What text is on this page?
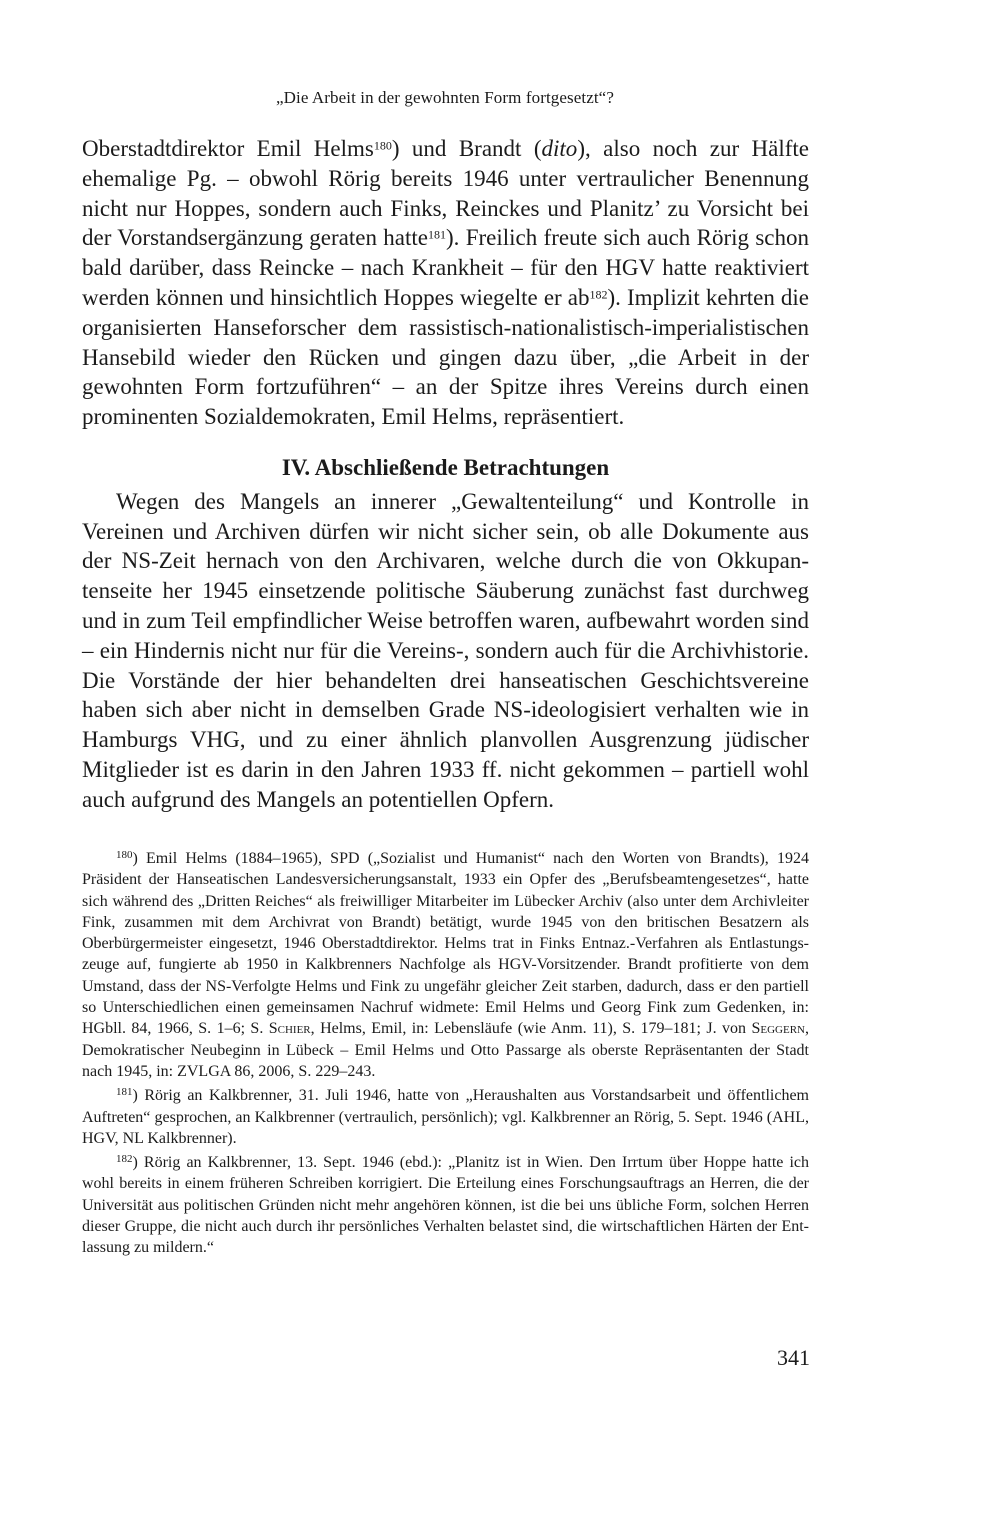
„Die Arbeit in der gewohnten Form fortgesetzt“?

Oberstadtdirektor Emil Helms$^{180}$) und Brandt (dito), also noch zur Hälfte ehemalige Pg. – obwohl Rörig bereits 1946 unter vertraulicher Benennung nicht nur Hoppes, sondern auch Finks, Reinckes und Planitz’ zu Vorsicht bei der Vorstandsergänzung geraten hatte$^{181}$). Freilich freute sich auch Rörig schon bald darüber, dass Reincke – nach Krankheit – für den HGV hatte reaktiviert werden können und hinsichtlich Hoppes wiegelte er ab$^{182}$). Implizit kehrten die organisierten Hanseforscher dem rassistisch-nationalistisch-imperialistischen Hansebild wieder den Rücken und gingen dazu über, „die Arbeit in der gewohnten Form fortzuführen“ – an der Spitze ihres Vereins durch einen prominenten Sozialdemokraten, Emil Helms, repräsentiert.

IV. Abschließende Betrachtungen

Wegen des Mangels an innerer „Gewaltenteilung“ und Kontrolle in Vereinen und Archiven dürfen wir nicht sicher sein, ob alle Dokumente aus der NS-Zeit hernach von den Archivaren, welche durch die von Okkupantenseite her 1945 einsetzende politische Säuberung zunächst fast durchweg und in zum Teil empfindlicher Weise betroffen waren, aufbewahrt worden sind – ein Hindernis nicht nur für die Vereins-, sondern auch für die Archivhistorie. Die Vorstände der hier behandelten drei hanseatischen Geschichtsvereine haben sich aber nicht in demselben Grade NS-ideologisiert verhalten wie in Hamburgs VHG, und zu einer ähnlich planvollen Ausgrenzung jüdischer Mitglieder ist es darin in den Jahren 1933 ff. nicht gekommen – partiell wohl auch aufgrund des Mangels an potentiellen Opfern.

$^{180}$) Emil Helms (1884–1965), SPD („Sozialist und Humanist“ nach den Worten von Brandts), 1924 Präsident der Hanseatischen Landesversicherungsanstalt, 1933 ein Opfer des „Berufsbeamtengesetzes“, hatte sich während des „Dritten Reiches“ als freiwilliger Mitarbeiter im Lübecker Archiv (also unter dem Archivleiter Fink, zusammen mit dem Archivrat von Brandt) betätigt, wurde 1945 von den britischen Besatzern als Oberbürgermeister eingesetzt, 1946 Oberstadtdirektor. Helms trat in Finks Entnaz.-Verfahren als Entlastungszeuge auf, fungierte ab 1950 in Kalkbrenners Nachfolge als HGV-Vorsitzender. Brandt profitierte von dem Umstand, dass der NS-Verfolgte Helms und Fink zu ungefähr gleicher Zeit starben, dadurch, dass er den partiell so Unterschiedlichen einen gemeinsamen Nachruf widmete: Emil Helms und Georg Fink zum Gedenken, in: HGbll. 84, 1966, S. 1–6; S. Schier, Helms, Emil, in: Lebensläufe (wie Anm. 11), S. 179–181; J. von Seggern, Demokratischer Neubeginn in Lübeck – Emil Helms und Otto Passarge als oberste Repräsentanten der Stadt nach 1945, in: ZVLGA 86, 2006, S. 229–243.

$^{181}$) Rörig an Kalkbrenner, 31. Juli 1946, hatte von „Heraushalten aus Vorstandsarbeit und öffentlichem Auftreten“ gesprochen, an Kalkbrenner (vertraulich, persönlich); vgl. Kalkbrenner an Rörig, 5. Sept. 1946 (AHL, HGV, NL Kalkbrenner).

$^{182}$) Rörig an Kalkbrenner, 13. Sept. 1946 (ebd.): „Planitz ist in Wien. Den Irrtum über Hoppe hatte ich wohl bereits in einem früheren Schreiben korrigiert. Die Erteilung eines Forschungsauftrags an Herren, die der Universität aus politischen Gründen nicht mehr angehören können, ist die bei uns übliche Form, solchen Herren dieser Gruppe, die nicht auch durch ihr persönliches Verhalten belastet sind, die wirtschaftlichen Härten der Entlassung zu mildern.“

341
